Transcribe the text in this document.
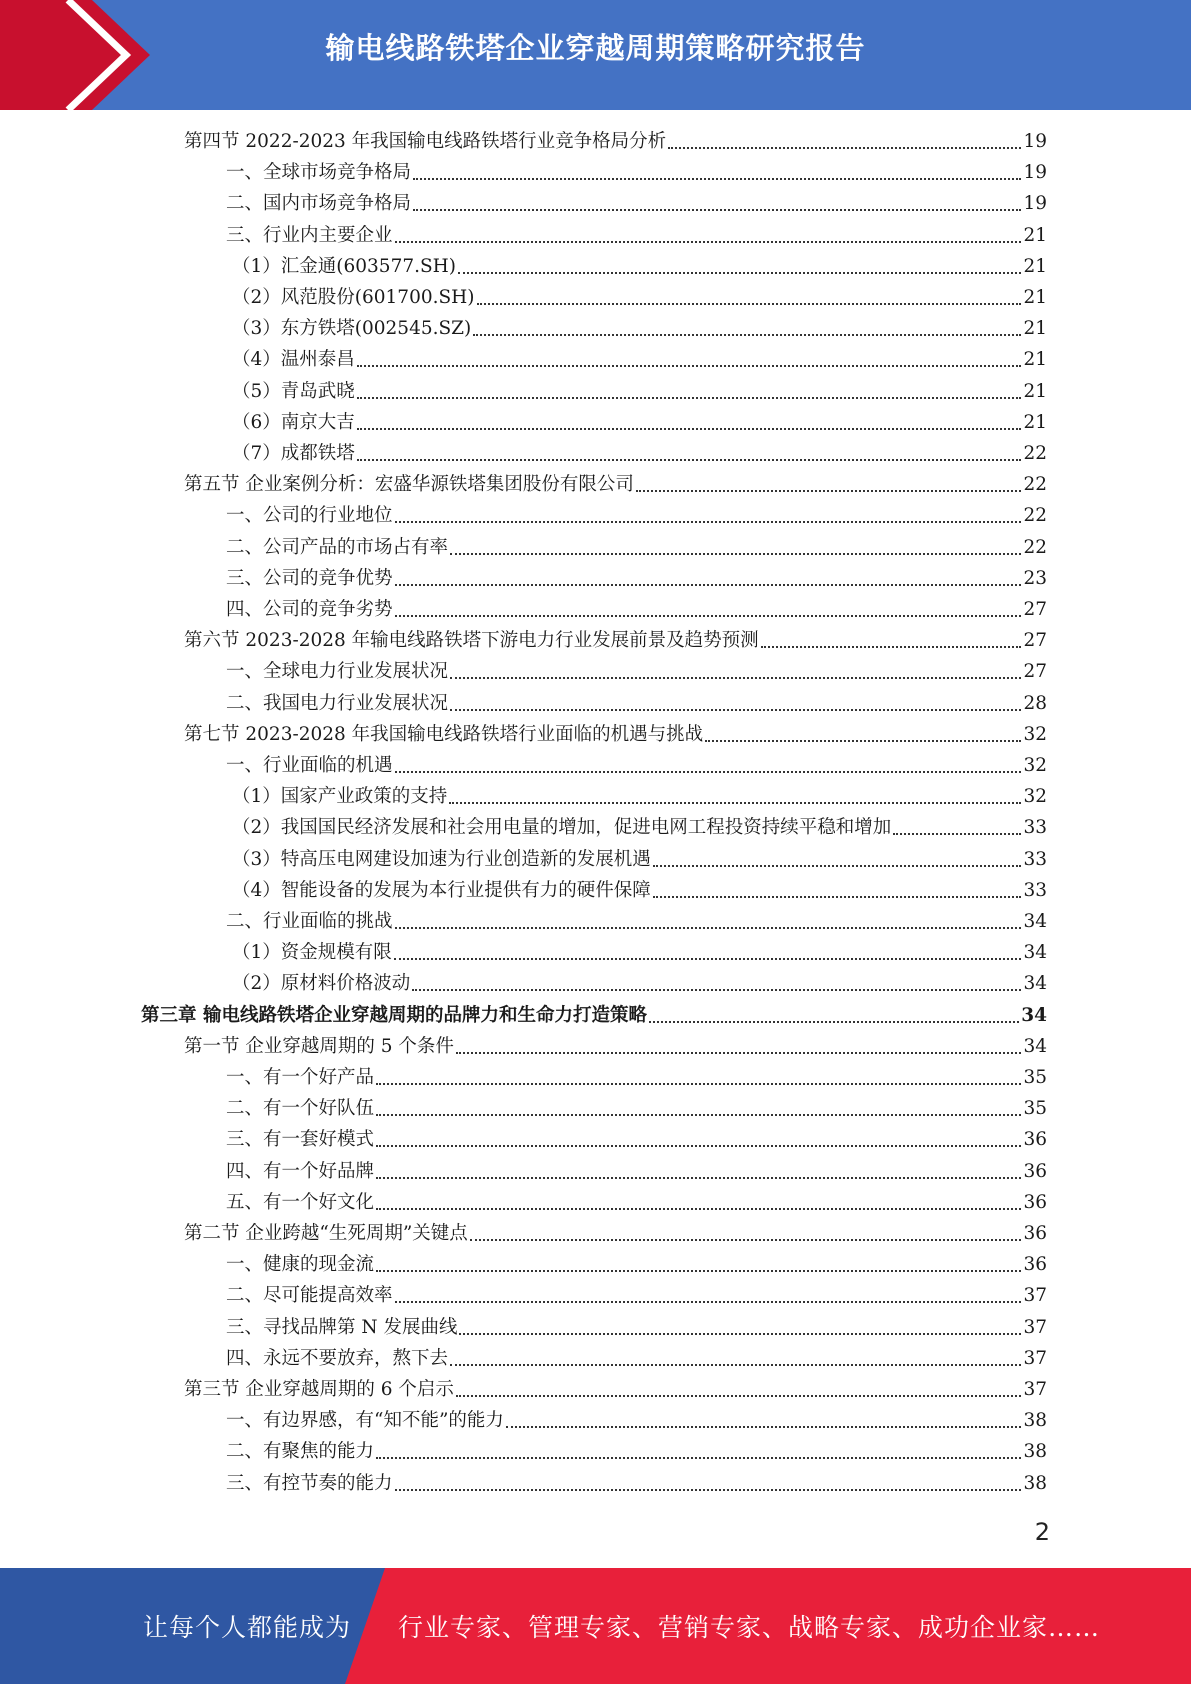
输电线路铁塔企业穿越周期策略研究报告
第四节 2022-2023 年我国输电线路铁塔行业竞争格局分析	19
一、全球市场竞争格局	19
二、国内市场竞争格局	19
三、行业内主要企业	21
（1）汇金通(603577.SH)	21
（2）风范股份(601700.SH)	21
（3）东方铁塔(002545.SZ)	21
（4）温州泰昌	21
（5）青岛武晓	21
（6）南京大吉	21
（7）成都铁塔	22
第五节 企业案例分析：宏盛华源铁塔集团股份有限公司	22
一、公司的行业地位	22
二、公司产品的市场占有率	22
三、公司的竞争优势	23
四、公司的竞争劣势	27
第六节 2023-2028 年输电线路铁塔下游电力行业发展前景及趋势预测	27
一、全球电力行业发展状况	27
二、我国电力行业发展状况	28
第七节 2023-2028 年我国输电线路铁塔行业面临的机遇与挑战	32
一、行业面临的机遇	32
（1）国家产业政策的支持	32
（2）我国国民经济发展和社会用电量的增加，促进电网工程投资持续平稳和增加	33
（3）特高压电网建设加速为行业创造新的发展机遇	33
（4）智能设备的发展为本行业提供有力的硬件保障	33
二、行业面临的挑战	34
（1）资金规模有限	34
（2）原材料价格波动	34
第三章 输电线路铁塔企业穿越周期的品牌力和生命力打造策略	34
第一节 企业穿越周期的 5 个条件	34
一、有一个好产品	35
二、有一个好队伍	35
三、有一套好模式	36
四、有一个好品牌	36
五、有一个好文化	36
第二节 企业跨越“生死周期”关键点	36
一、健康的现金流	36
二、尽可能提高效率	37
三、寻找品牌第 N 发展曲线	37
四、永远不要放弃，熬下去	37
第三节 企业穿越周期的 6 个启示	37
一、有边界感，有“知不能”的能力	38
二、有聚焦的能力	38
三、有控节奏的能力	38
2
让每个人都能成为 行业专家、管理专家、营销专家、战略专家、成功企业家……
